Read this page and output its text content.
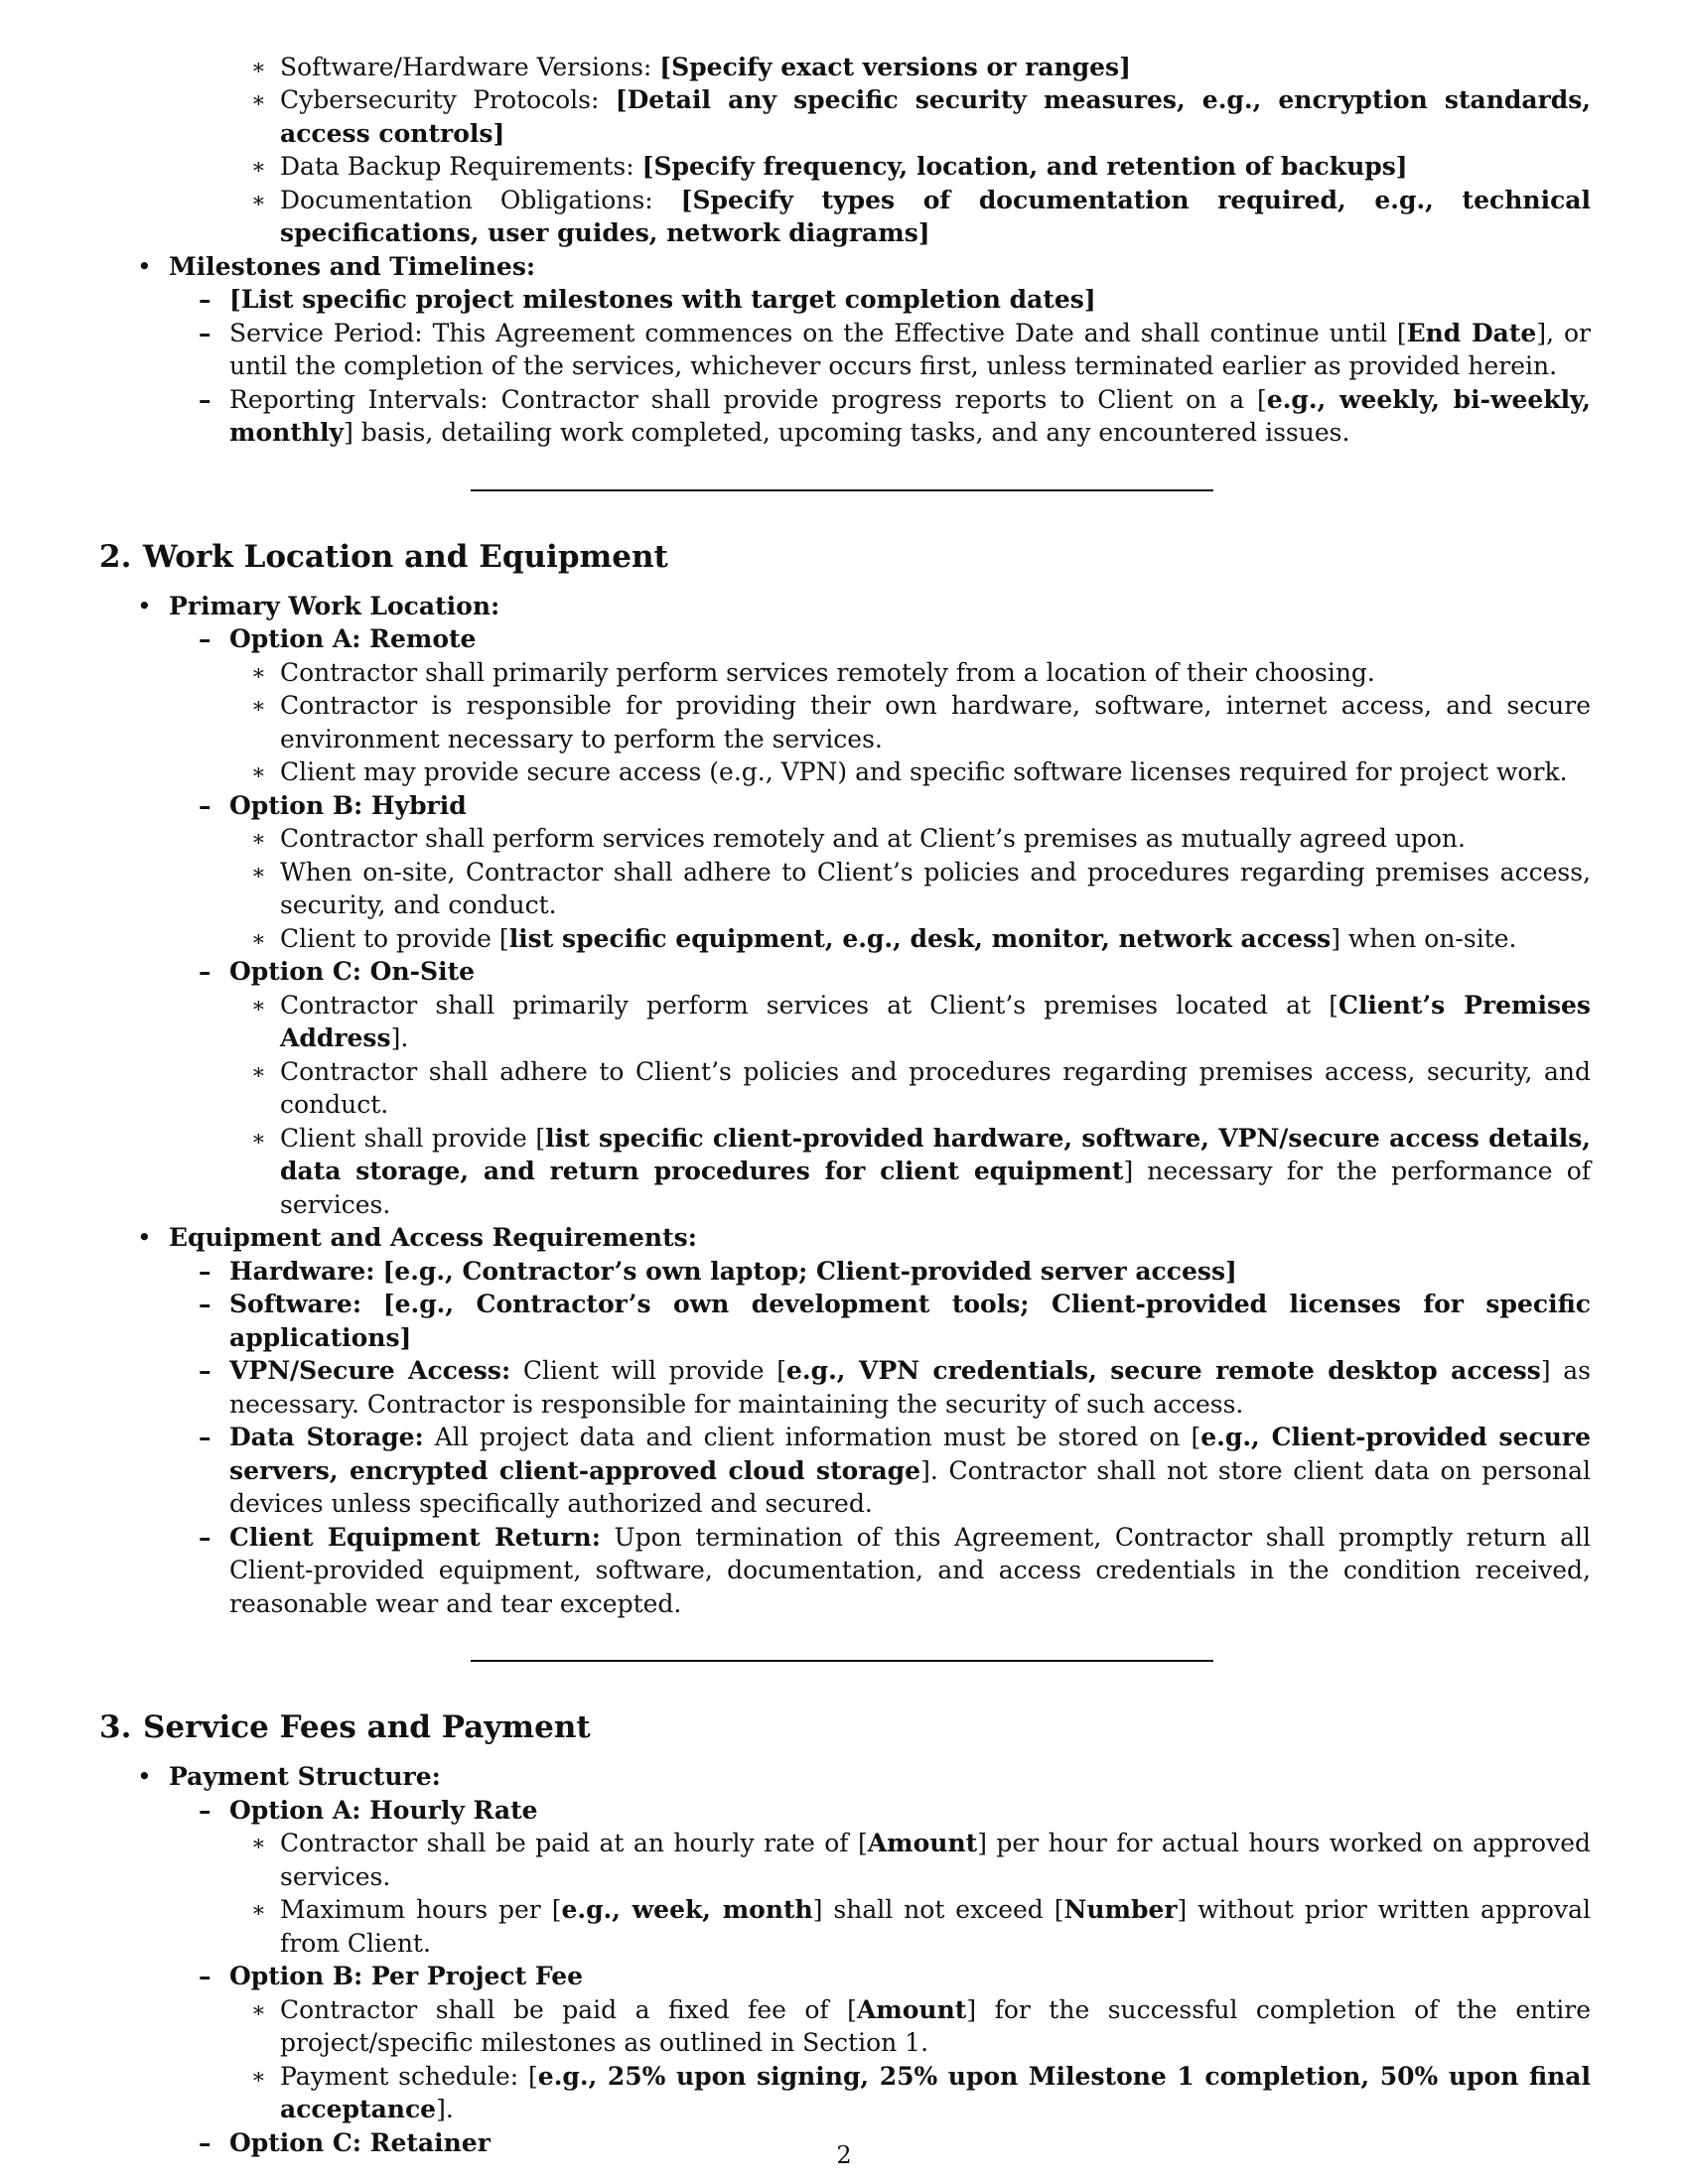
∗ Software/Hardware Versions: [Specify exact versions or ranges]
∗ Cybersecurity Protocols: [Detail any specific security measures, e.g., encryption standards, access controls]
∗ Data Backup Requirements: [Specify frequency, location, and retention of backups]
∗ Documentation Obligations: [Specify types of documentation required, e.g., technical specifications, user guides, network diagrams]
• Milestones and Timelines:
– [List specific project milestones with target completion dates]
– Service Period: This Agreement commences on the Effective Date and shall continue until [End Date], or until the completion of the services, whichever occurs first, unless terminated earlier as provided herein.
– Reporting Intervals: Contractor shall provide progress reports to Client on a [e.g., weekly, bi-weekly, monthly] basis, detailing work completed, upcoming tasks, and any encountered issues.
2. Work Location and Equipment
• Primary Work Location:
– Option A: Remote
∗ Contractor shall primarily perform services remotely from a location of their choosing.
∗ Contractor is responsible for providing their own hardware, software, internet access, and secure environment necessary to perform the services.
∗ Client may provide secure access (e.g., VPN) and specific software licenses required for project work.
– Option B: Hybrid
∗ Contractor shall perform services remotely and at Client’s premises as mutually agreed upon.
∗ When on-site, Contractor shall adhere to Client’s policies and procedures regarding premises access, security, and conduct.
∗ Client to provide [list specific equipment, e.g., desk, monitor, network access] when on-site.
– Option C: On-Site
∗ Contractor shall primarily perform services at Client’s premises located at [Client’s Premises Address].
∗ Contractor shall adhere to Client’s policies and procedures regarding premises access, security, and conduct.
∗ Client shall provide [list specific client-provided hardware, software, VPN/secure access details, data storage, and return procedures for client equipment] necessary for the performance of services.
• Equipment and Access Requirements:
– Hardware: [e.g., Contractor’s own laptop; Client-provided server access]
– Software: [e.g., Contractor’s own development tools; Client-provided licenses for specific applications]
– VPN/Secure Access: Client will provide [e.g., VPN credentials, secure remote desktop access] as necessary. Contractor is responsible for maintaining the security of such access.
– Data Storage: All project data and client information must be stored on [e.g., Client-provided secure servers, encrypted client-approved cloud storage]. Contractor shall not store client data on personal devices unless specifically authorized and secured.
– Client Equipment Return: Upon termination of this Agreement, Contractor shall promptly return all Client-provided equipment, software, documentation, and access credentials in the condition received, reasonable wear and tear excepted.
3. Service Fees and Payment
• Payment Structure:
– Option A: Hourly Rate
∗ Contractor shall be paid at an hourly rate of [Amount] per hour for actual hours worked on approved services.
∗ Maximum hours per [e.g., week, month] shall not exceed [Number] without prior written approval from Client.
– Option B: Per Project Fee
∗ Contractor shall be paid a fixed fee of [Amount] for the successful completion of the entire project/specific milestones as outlined in Section 1.
∗ Payment schedule: [e.g., 25% upon signing, 25% upon Milestone 1 completion, 50% upon final acceptance].
– Option C: Retainer	2
